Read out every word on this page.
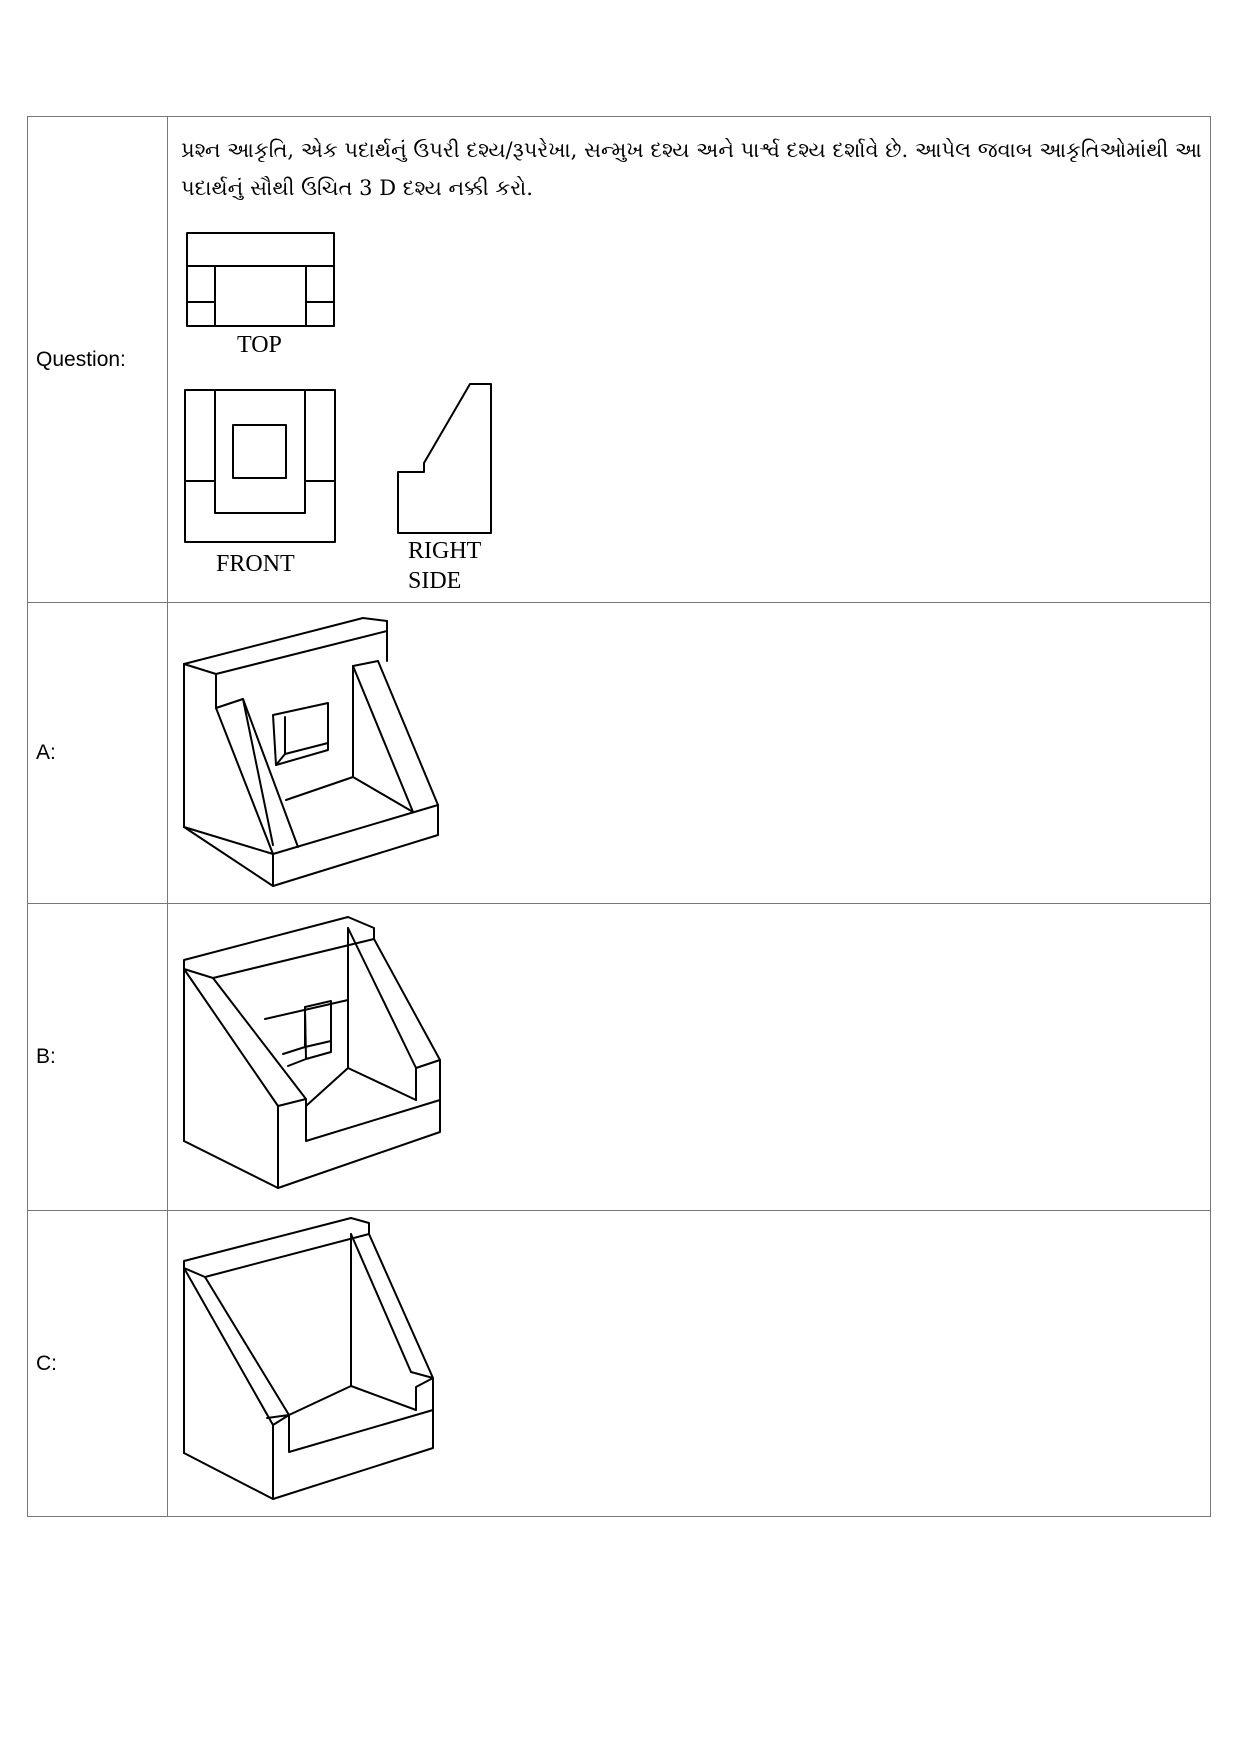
Question:	પ્રશ્ન આકૃતિ, એક પદાર્થનું ઉપરી દશ્ય/રૂપરેખા, સન્મુખ દશ્ય અને પાર્શ્વ દશ્ય દર્શાવે છે. આપેલ જવાબ આકૃતિઓમાંથી આ પદાર્થનું સૌથી ઉચિત 3 D દશ્ય નક્કી કરો.
TOP
FRONT RIGHT
SIDE

A:	

B:	

C:	
